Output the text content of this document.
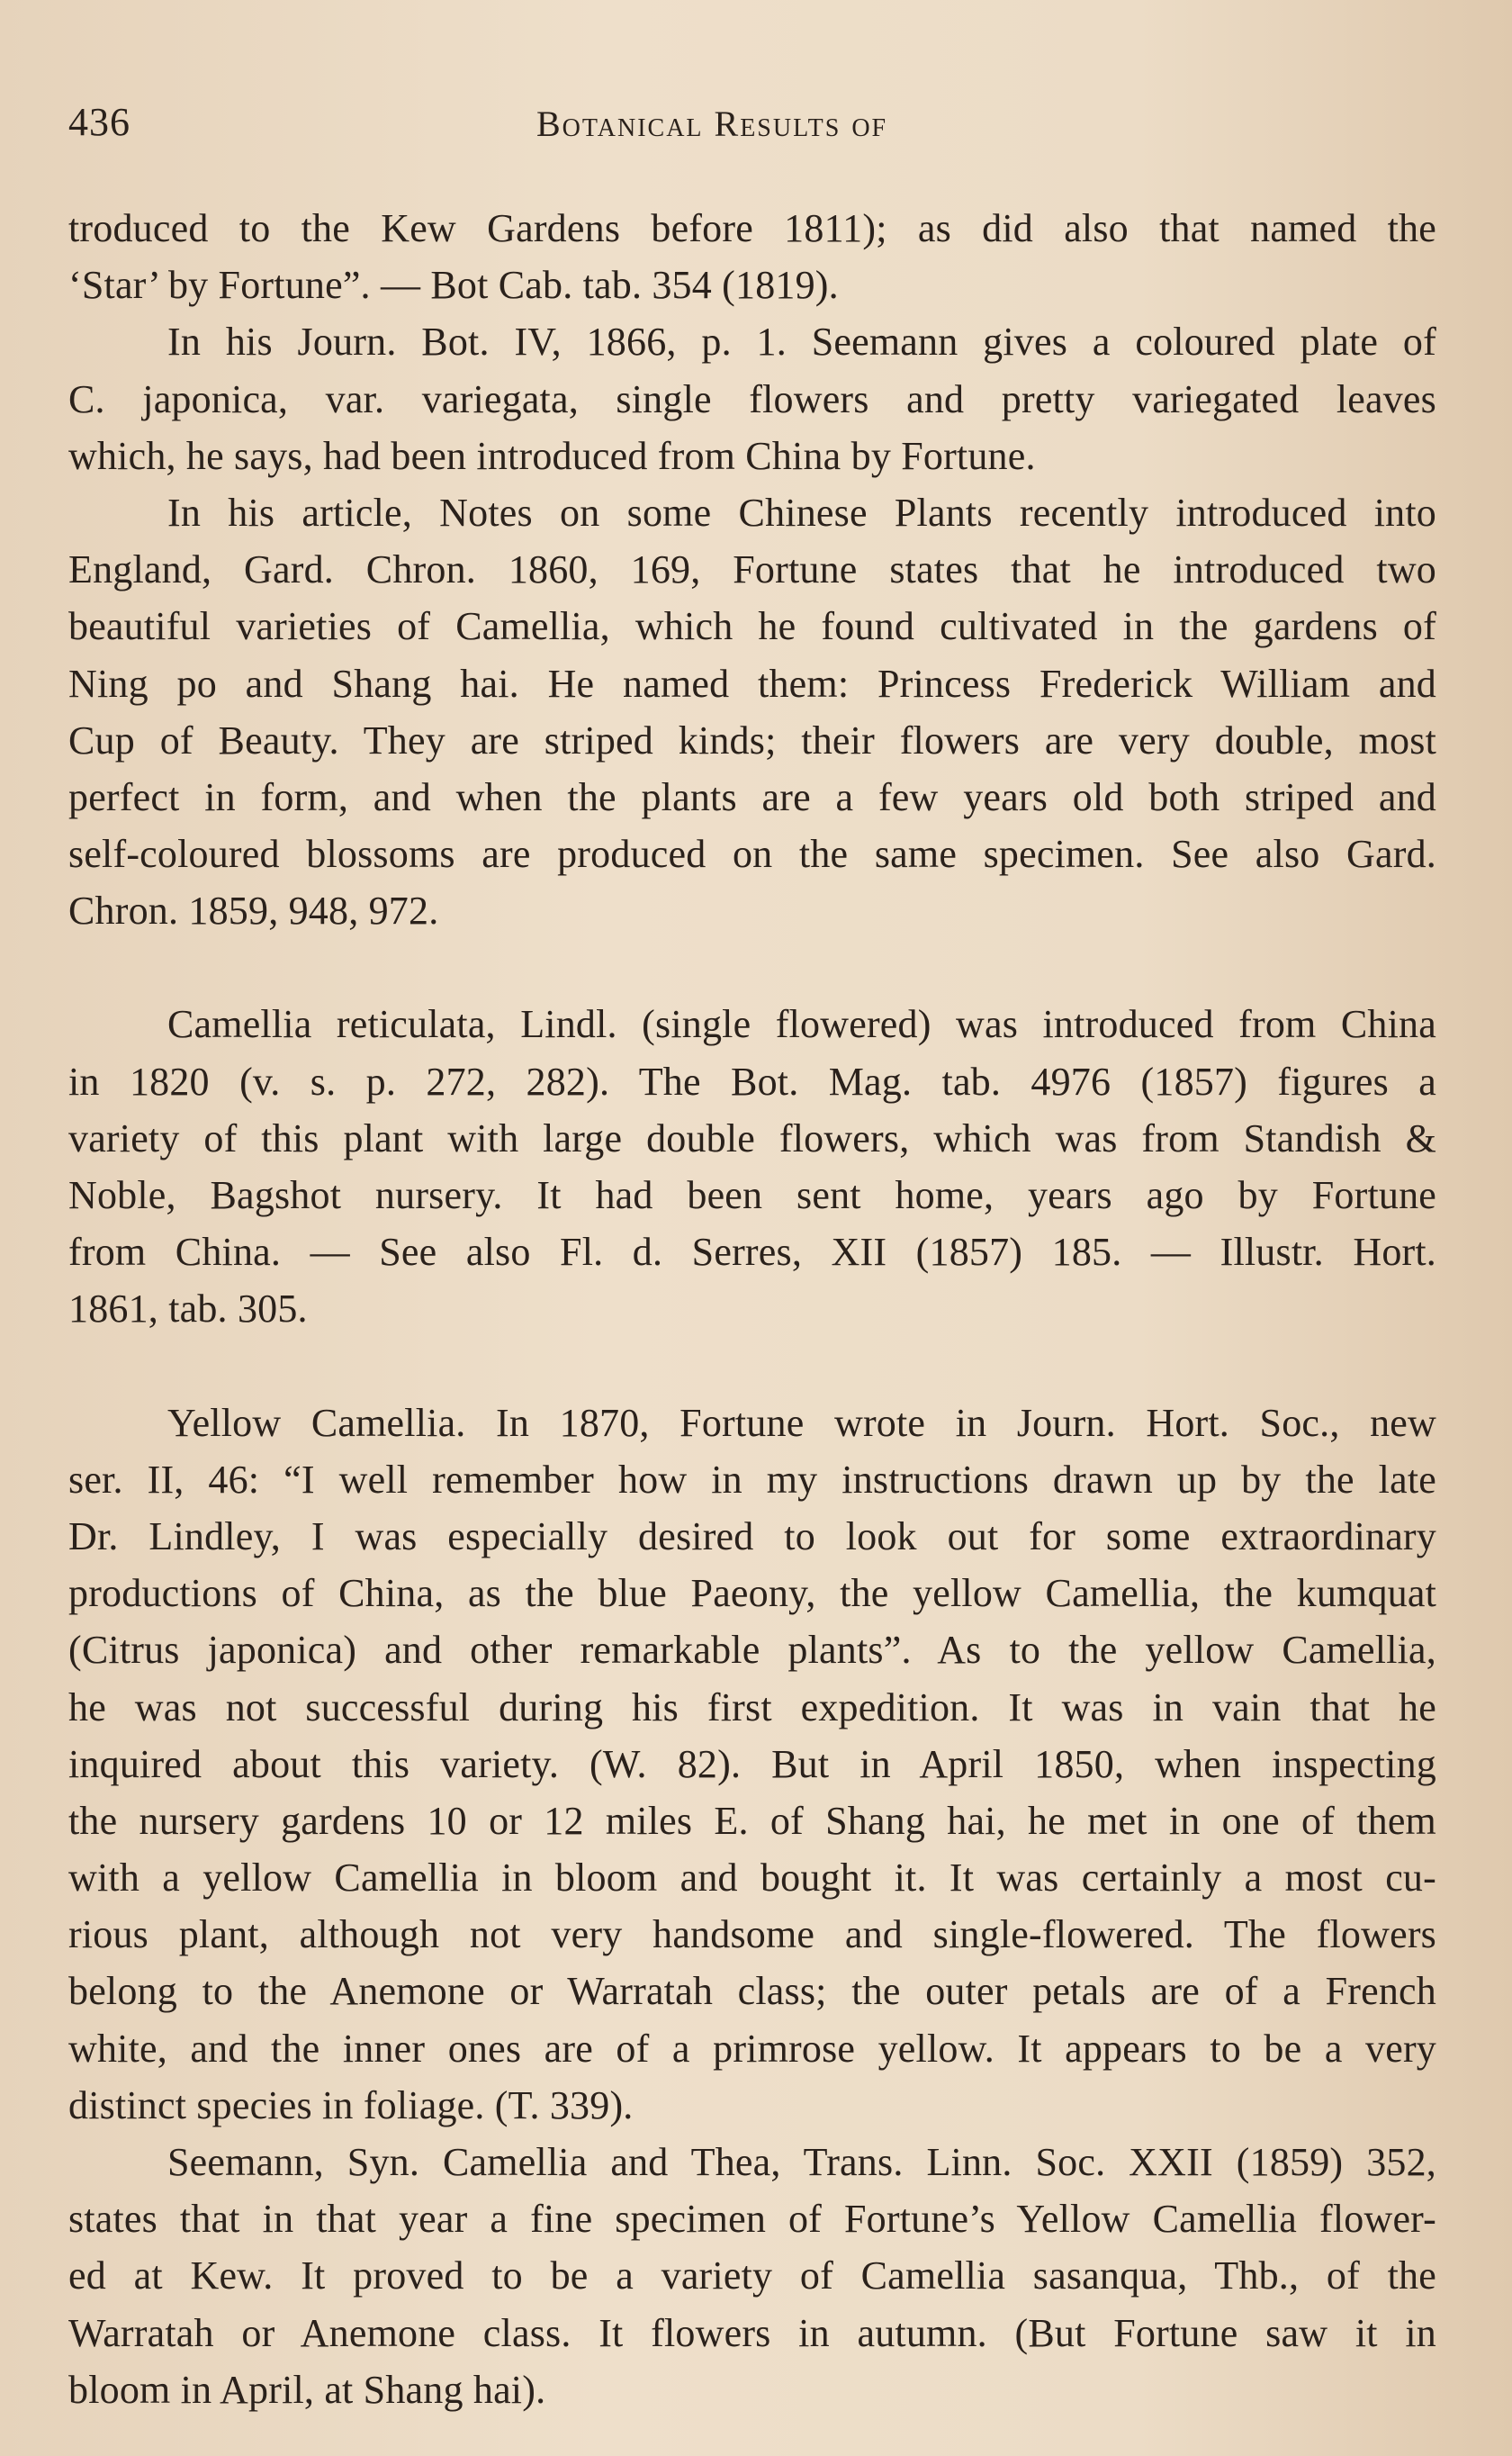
436	Botanical Results of
troduced to the Kew Gardens before 1811); as did also that named the
‘Star’ by Fortune”. — Bot Cab. tab. 354 (1819).
In his Journ. Bot. IV, 1866, p. 1. Seemann gives a coloured plate of
C. japonica, var. variegata, single flowers and pretty variegated leaves
which, he says, had been introduced from China by Fortune.
In his article, Notes on some Chinese Plants recently introduced into
England, Gard. Chron. 1860, 169, Fortune states that he introduced two
beautiful varieties of Camellia, which he found cultivated in the gardens of
Ning po and Shang hai. He named them: Princess Frederick William and
Cup of Beauty. They are striped kinds; their flowers are very double, most
perfect in form, and when the plants are a few years old both striped and
self-coloured blossoms are produced on the same specimen. See also Gard.
Chron. 1859, 948, 972.
Camellia reticulata, Lindl. (single flowered) was introduced from China
in 1820 (v. s. p. 272, 282). The Bot. Mag. tab. 4976 (1857) figures a
variety of this plant with large double flowers, which was from Standish &
Noble, Bagshot nursery. It had been sent home, years ago by Fortune
from China. — See also Fl. d. Serres, XII (1857) 185. — Illustr. Hort.
1861, tab. 305.
Yellow Camellia. In 1870, Fortune wrote in Journ. Hort. Soc., new
ser. II, 46: “I well remember how in my instructions drawn up by the late
Dr. Lindley, I was especially desired to look out for some extraordinary
productions of China, as the blue Paeony, the yellow Camellia, the kumquat
(Citrus japonica) and other remarkable plants”. As to the yellow Camellia,
he was not successful during his first expedition. It was in vain that he
inquired about this variety. (W. 82). But in April 1850, when inspecting
the nursery gardens 10 or 12 miles E. of Shang hai, he met in one of them
with a yellow Camellia in bloom and bought it. It was certainly a most cu-
rious plant, although not very handsome and single-flowered. The flowers
belong to the Anemone or Warratah class; the outer petals are of a French
white, and the inner ones are of a primrose yellow. It appears to be a very
distinct species in foliage. (T. 339).
Seemann, Syn. Camellia and Thea, Trans. Linn. Soc. XXII (1859) 352,
states that in that year a fine specimen of Fortune’s Yellow Camellia flower-
ed at Kew. It proved to be a variety of Camellia sasanqua, Thb., of the
Warratah or Anemone class. It flowers in autumn. (But Fortune saw it in
bloom in April, at Shang hai).
